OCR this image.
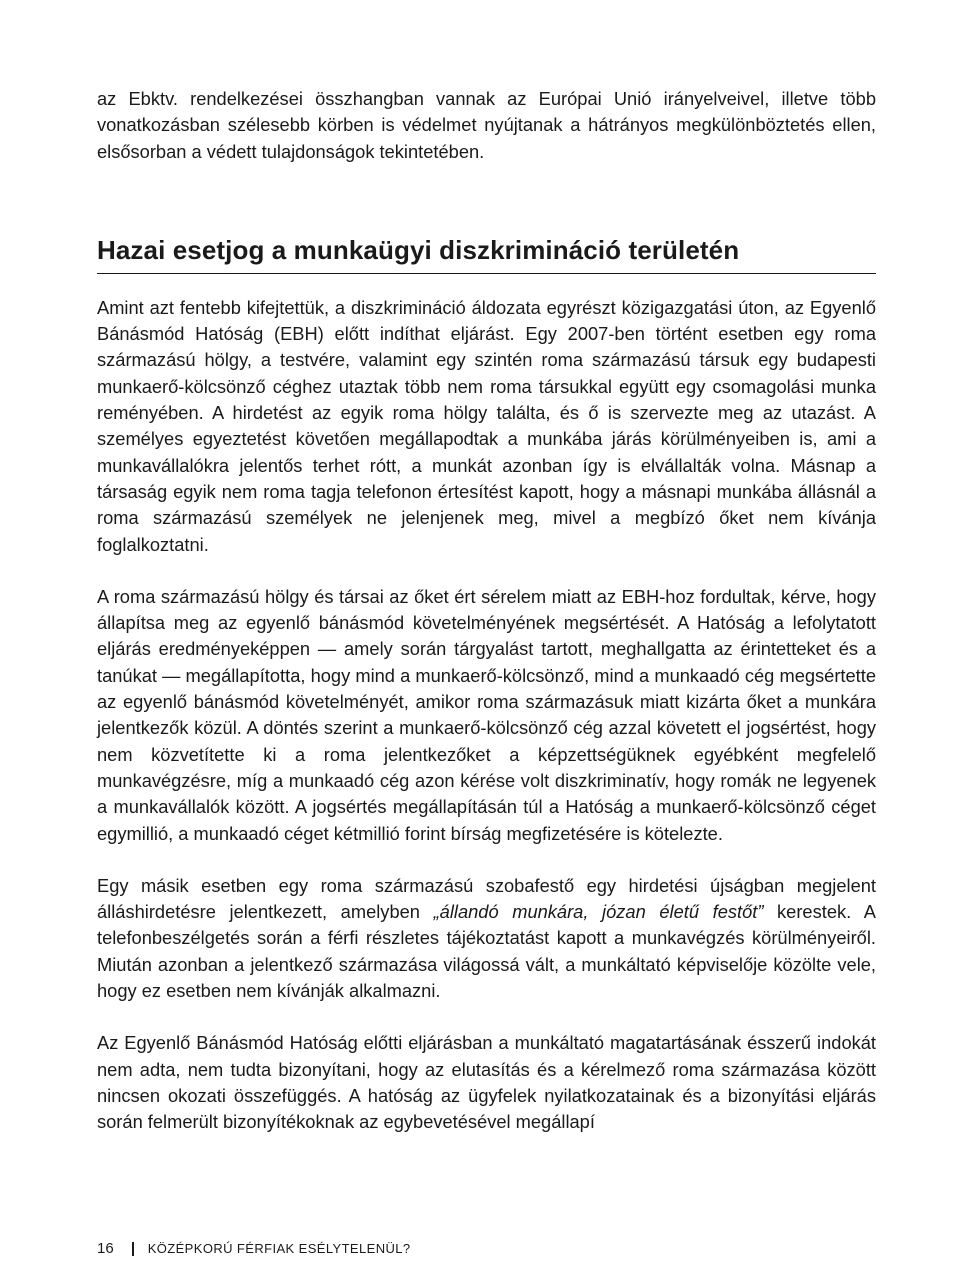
az Ebktv. rendelkezései összhangban vannak az Európai Unió irányelveivel, illetve több vonatkozásban szélesebb körben is védelmet nyújtanak a hátrányos megkülönböztetés ellen, elsősorban a védett tulajdonságok tekintetében.

Hazai esetjog a munkaügyi diszkrimináció területén

Amint azt fentebb kifejtettük, a diszkrimináció áldozata egyrészt közigazgatási úton, az Egyenlő Bánásmód Hatóság (EBH) előtt indíthat eljárást. Egy 2007-ben történt esetben egy roma származású hölgy, a testvére, valamint egy szintén roma származású társuk egy budapesti munkaerő-kölcsönző céghez utaztak több nem roma társukkal együtt egy csomagolási munka reményében. A hirdetést az egyik roma hölgy találta, és ő is szervezte meg az utazást. A személyes egyeztetést követően megállapodtak a munkába járás körülményeiben is, ami a munkavállalókra jelentős terhet rótt, a munkát azonban így is elvállalták volna. Másnap a társaság egyik nem roma tagja telefonon értesítést kapott, hogy a másnapi munkába állásnál a roma származású személyek ne jelenjenek meg, mivel a megbízó őket nem kívánja foglalkoztatni.

A roma származású hölgy és társai az őket ért sérelem miatt az EBH-hoz fordultak, kérve, hogy állapítsa meg az egyenlő bánásmód követelményének megsértését. A Hatóság a lefolytatott eljárás eredményeképpen — amely során tárgyalást tartott, meghallgatta az érintetteket és a tanúkat — megállapította, hogy mind a munkaerő-kölcsönző, mind a munkaadó cég megsértette az egyenlő bánásmód követelményét, amikor roma származásuk miatt kizárta őket a munkára jelentkezők közül. A döntés szerint a munkaerő-kölcsönző cég azzal követett el jogsértést, hogy nem közvetítette ki a roma jelentkezőket a képzettségüknek egyébként megfelelő munkavégzésre, míg a munkaadó cég azon kérése volt diszkriminatív, hogy romák ne legyenek a munkavállalók között. A jogsértés megállapításán túl a Hatóság a munkaerő-kölcsönző céget egymillió, a munkaadó céget kétmillió forint bírság megfizetésére is kötelezte.

Egy másik esetben egy roma származású szobafestő egy hirdetési újságban megjelent álláshirdetésre jelentkezett, amelyben „állandó munkára, józan életű festőt” kerestek. A telefonbeszélgetés során a férfi részletes tájékoztatást kapott a munkavégzés körülményeiről. Miután azonban a jelentkező származása világossá vált, a munkáltató képviselője közölte vele, hogy ez esetben nem kívánják alkalmazni.

Az Egyenlő Bánásmód Hatóság előtti eljárásban a munkáltató magatartásának ésszerű indokát nem adta, nem tudta bizonyítani, hogy az elutasítás és a kérelmező roma származása között nincsen okozati összefüggés. A hatóság az ügyfelek nyilatkozatainak és a bizonyítási eljárás során felmerült bizonyítékoknak az egybevetésével megállapí

16	KÖZÉPKORÚ FÉRFIAK ESÉLYTELENÜL?
